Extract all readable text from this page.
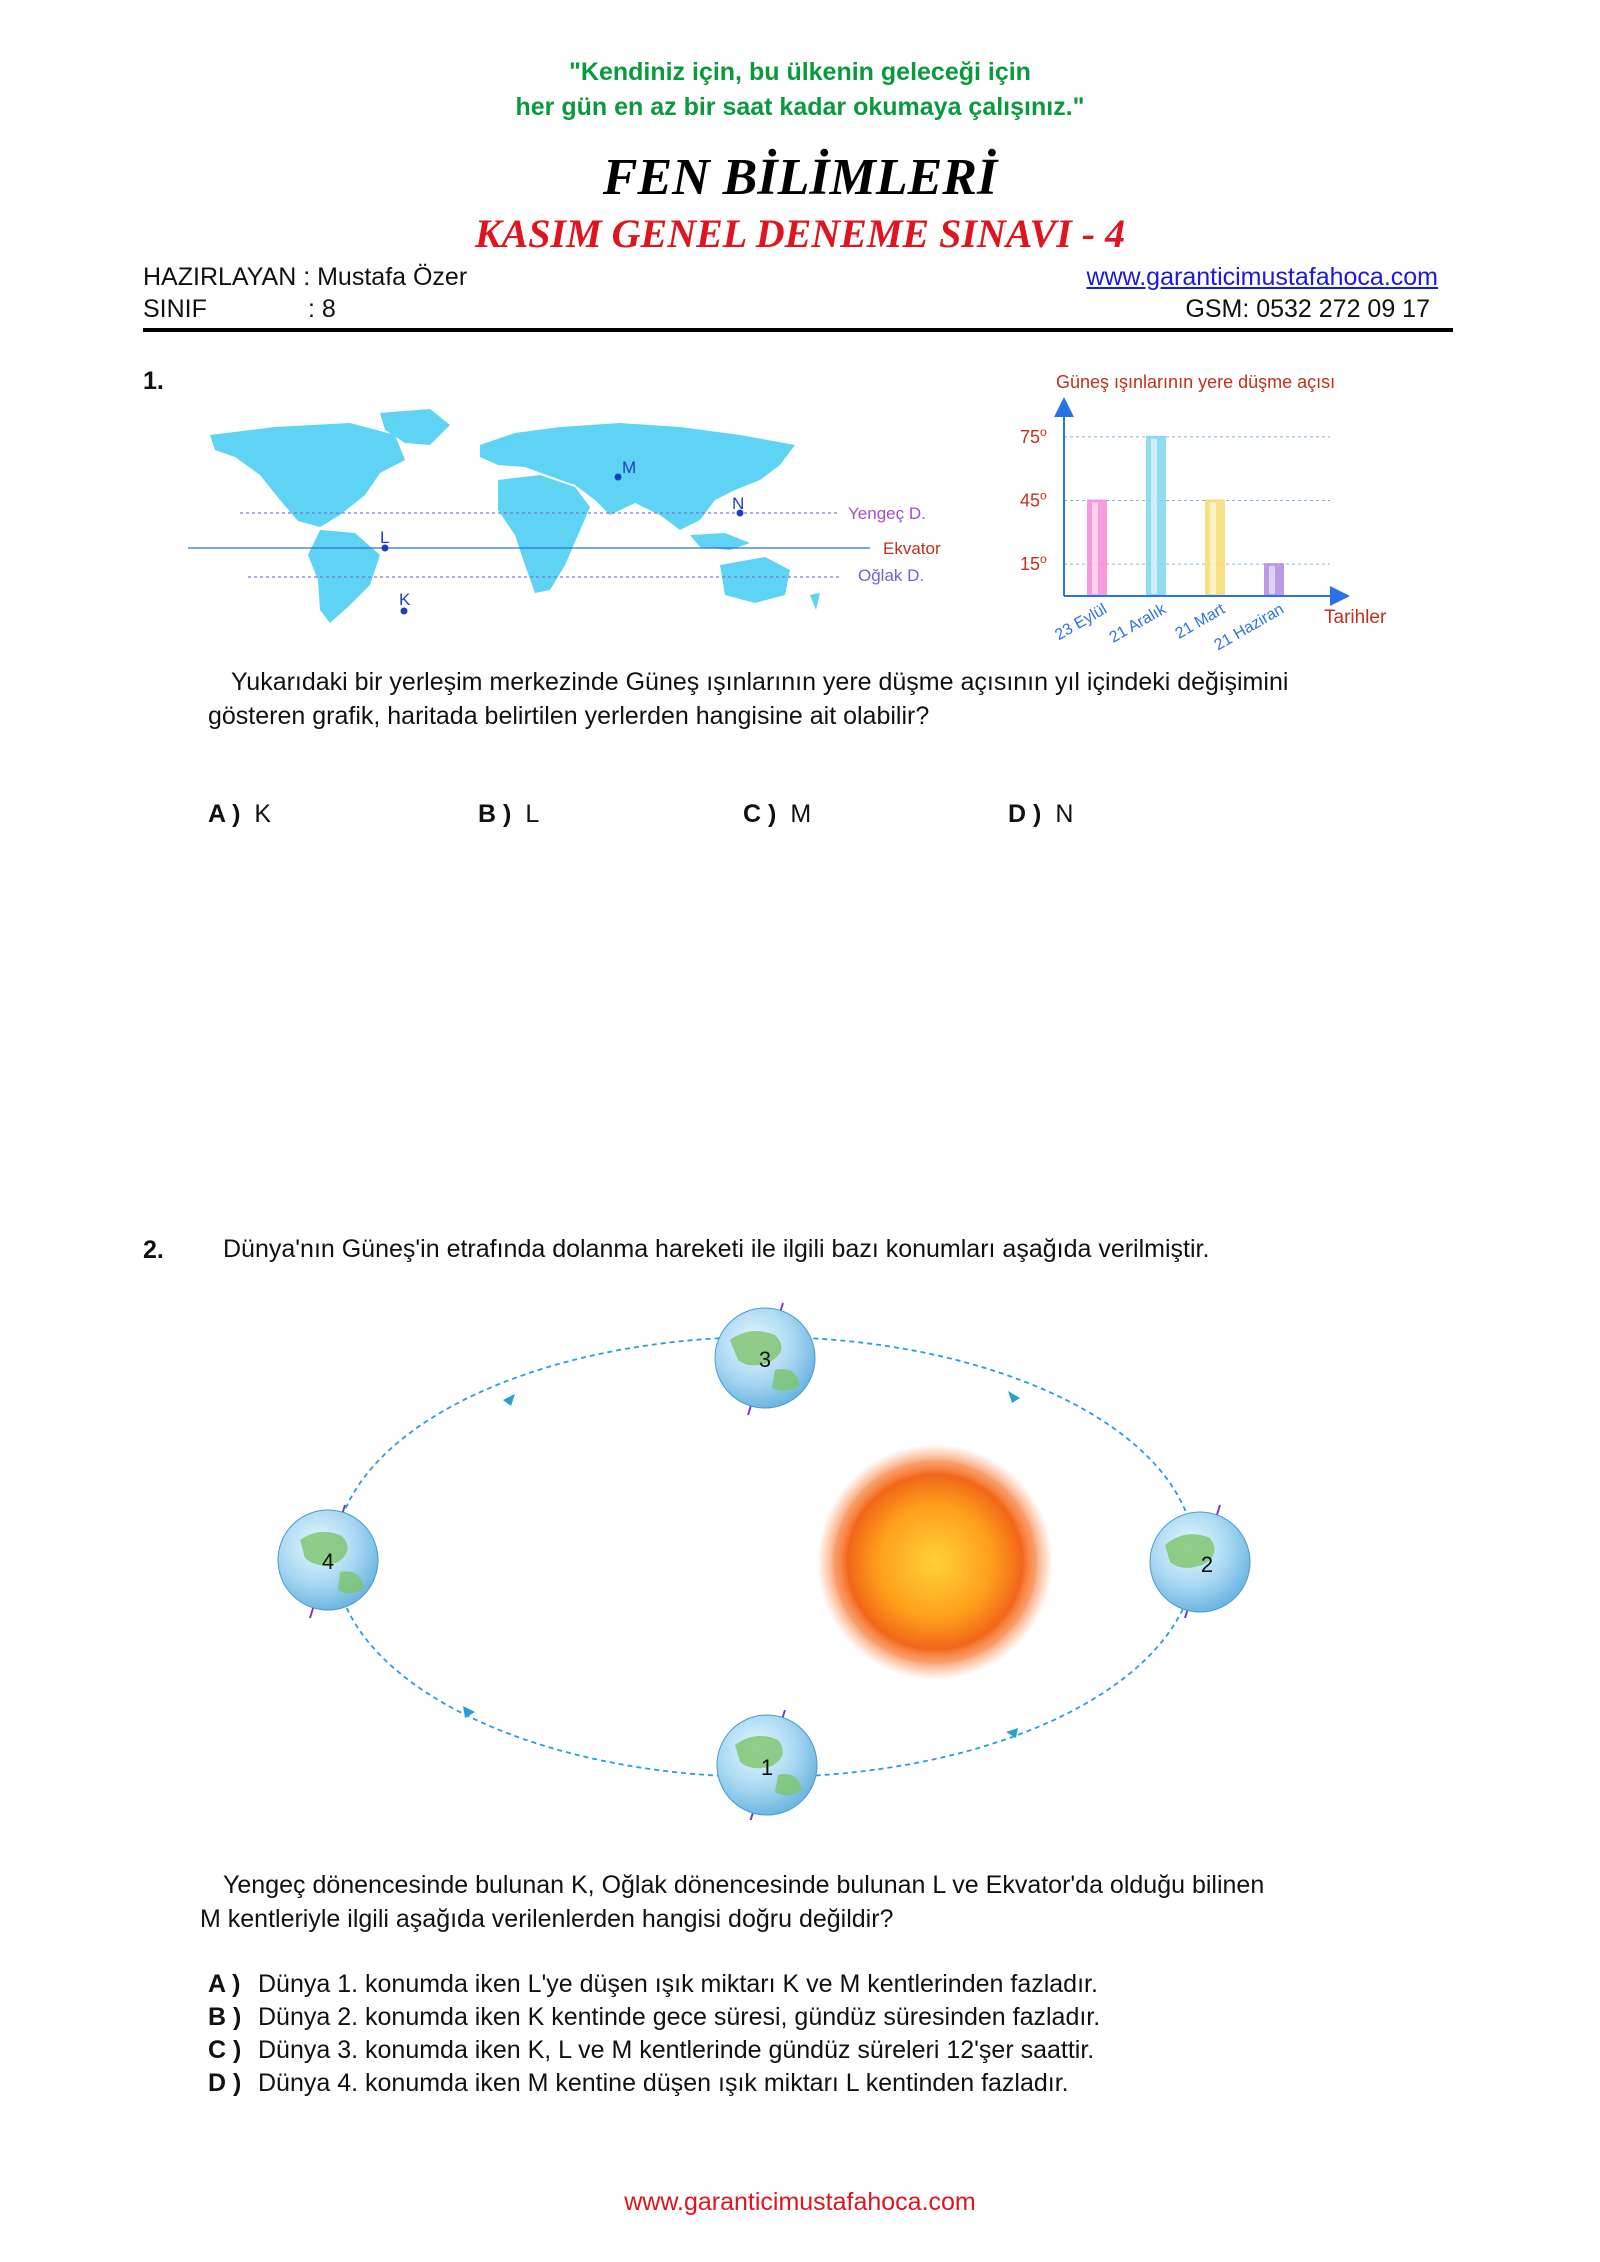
"Kendiniz için, bu ülkenin geleceği için
her gün en az bir saat kadar okumaya çalışınız."
FEN BİLİMLERİ
KASIM GENEL DENEME SINAVI - 4
HAZIRLAYAN : Mustafa Özer
SINIF	: 8
www.garanticimustafahoca.com
GSM: 0532 272 09 17
1.
Yengeç D.
Ekvator
Oğlak D.
M
N
L
K
Güneş ışınlarının yere düşme açısı
15$^o$
45$^o$
75$^o$
23 Eylül
21 Aralık 21 Mart
21 Haziran Tarihler
Yukarıdaki bir yerleşim merkezinde Güneş ışınlarının yere düşme açısının yıl içindeki değişimini
gösteren grafik, haritada belirtilen yerlerden hangisine ait olabilir?
A ) K	B ) L	C ) M	D ) N
2. Dünya'nın Güneş'in etrafında dolanma hareketi ile ilgili bazı konumları aşağıda verilmiştir.
3
2
4
1
Yengeç dönencesinde bulunan K, Oğlak dönencesinde bulunan L ve Ekvator'da olduğu bilinen
M kentleriyle ilgili aşağıda verilenlerden hangisi doğru değildir?
A ) Dünya 1. konumda iken L'ye düşen ışık miktarı K ve M kentlerinden fazladır.
B ) Dünya 2. konumda iken K kentinde gece süresi, gündüz süresinden fazladır.
C ) Dünya 3. konumda iken K, L ve M kentlerinde gündüz süreleri 12'şer saattir.
D ) Dünya 4. konumda iken M kentine düşen ışık miktarı L kentinden fazladır.
www.garanticimustafahoca.com
